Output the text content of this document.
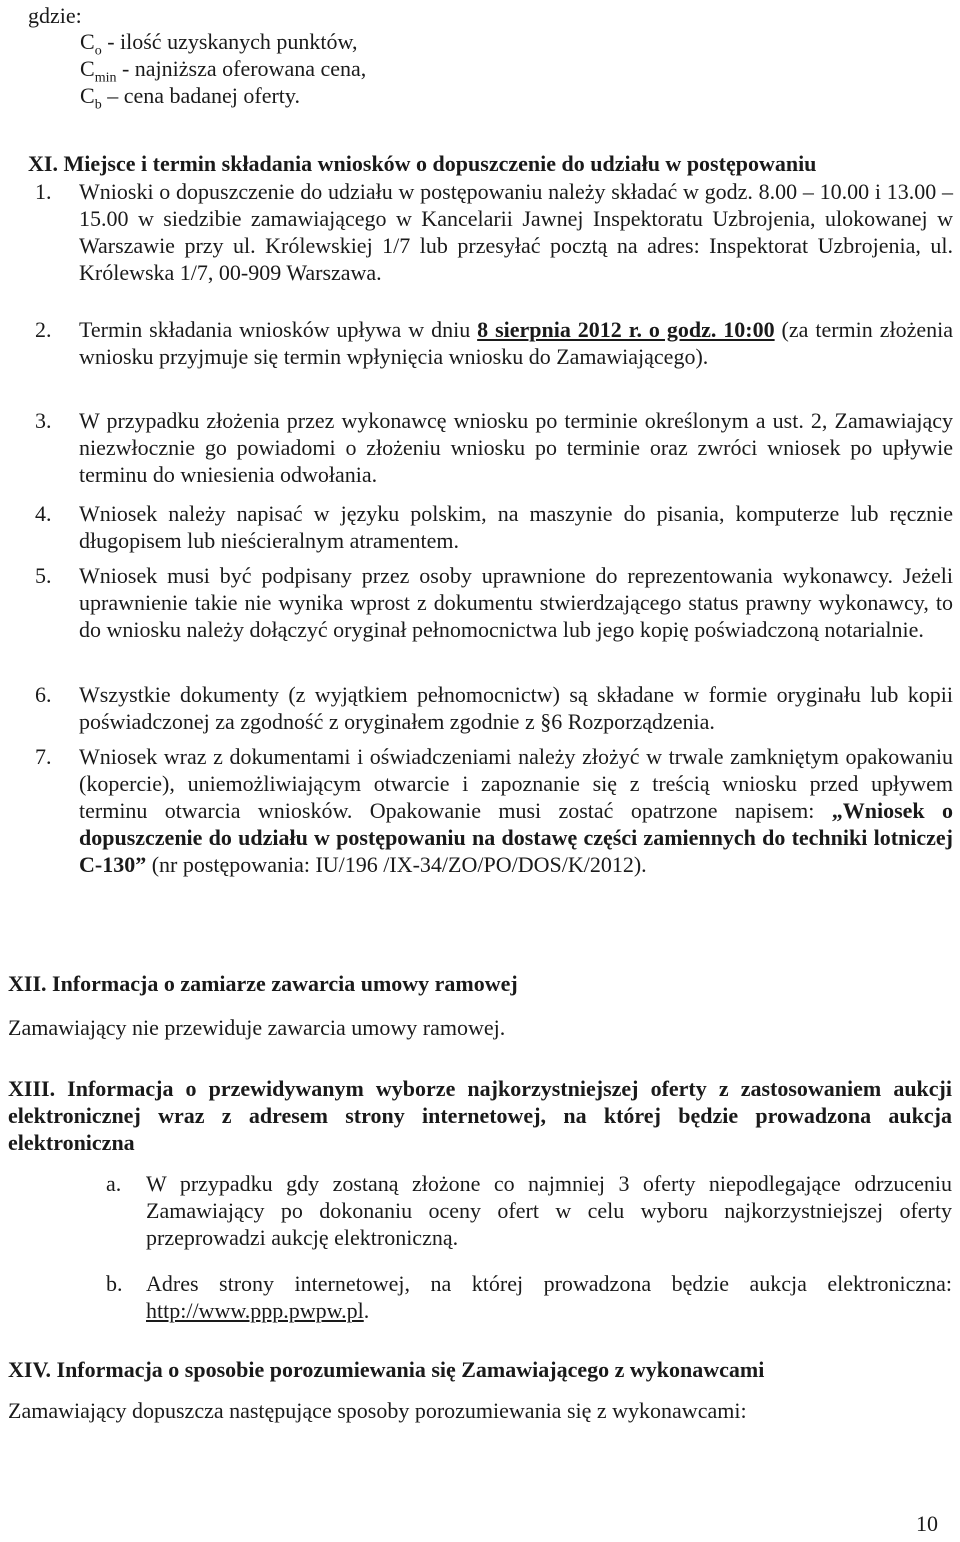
gdzie:
$C_o$ - ilość uzyskanych punktów,
$C_{min}$ - najniższa oferowana cena,
$C_b$ – cena badanej oferty.
XI. Miejsce i termin składania wniosków o dopuszczenie do udziału w postępowaniu
1.	Wnioski o dopuszczenie do udziału w postępowaniu należy składać w godz. 8.00 – 10.00 i 13.00 – 15.00 w siedzibie zamawiającego w Kancelarii Jawnej Inspektoratu Uzbrojenia, ulokowanej w Warszawie przy ul. Królewskiej 1/7 lub przesyłać pocztą na adres: Inspektorat Uzbrojenia, ul. Królewska 1/7, 00-909 Warszawa.
2.	Termin składania wniosków upływa w dniu 8 sierpnia 2012 r. o godz. 10:00 (za termin złożenia wniosku przyjmuje się termin wpłynięcia wniosku do Zamawiającego).
3.	W przypadku złożenia przez wykonawcę wniosku po terminie określonym a ust. 2, Zamawiający niezwłocznie go powiadomi o złożeniu wniosku po terminie oraz zwróci wniosek po upływie terminu do wniesienia odwołania.
4.	Wniosek należy napisać w języku polskim, na maszynie do pisania, komputerze lub ręcznie długopisem lub nieścieralnym atramentem.
5.	Wniosek musi być podpisany przez osoby uprawnione do reprezentowania wykonawcy. Jeżeli uprawnienie takie nie wynika wprost z dokumentu stwierdzającego status prawny wykonawcy, to do wniosku należy dołączyć oryginał pełnomocnictwa lub jego kopię poświadczoną notarialnie.
6.	Wszystkie dokumenty (z wyjątkiem pełnomocnictw) są składane w formie oryginału lub kopii poświadczonej za zgodność z oryginałem zgodnie z §6 Rozporządzenia.
7.	Wniosek wraz z dokumentami i oświadczeniami należy złożyć w trwale zamkniętym opakowaniu (kopercie), uniemożliwiającym otwarcie i zapoznanie się z treścią wniosku przed upływem terminu otwarcia wniosków. Opakowanie musi zostać opatrzone napisem: „Wniosek o dopuszczenie do udziału w postępowaniu na dostawę części zamiennych do techniki lotniczej C-130” (nr postępowania: IU/196 /IX-34/ZO/PO/DOS/K/2012).
XII. Informacja o zamiarze zawarcia umowy ramowej
Zamawiający nie przewiduje zawarcia umowy ramowej.
XIII. Informacja o przewidywanym wyborze najkorzystniejszej oferty z zastosowaniem aukcji elektronicznej wraz z adresem strony internetowej, na której będzie prowadzona aukcja elektroniczna
a.	W przypadku gdy zostaną złożone co najmniej 3 oferty niepodlegające odrzuceniu Zamawiający po dokonaniu oceny ofert w celu wyboru najkorzystniejszej oferty przeprowadzi aukcję elektroniczną.
b.	Adres strony internetowej, na której prowadzona będzie aukcja elektroniczna: http://www.ppp.pwpw.pl.
XIV. Informacja o sposobie porozumiewania się Zamawiającego z wykonawcami
Zamawiający dopuszcza następujące sposoby porozumiewania się z wykonawcami:
10
